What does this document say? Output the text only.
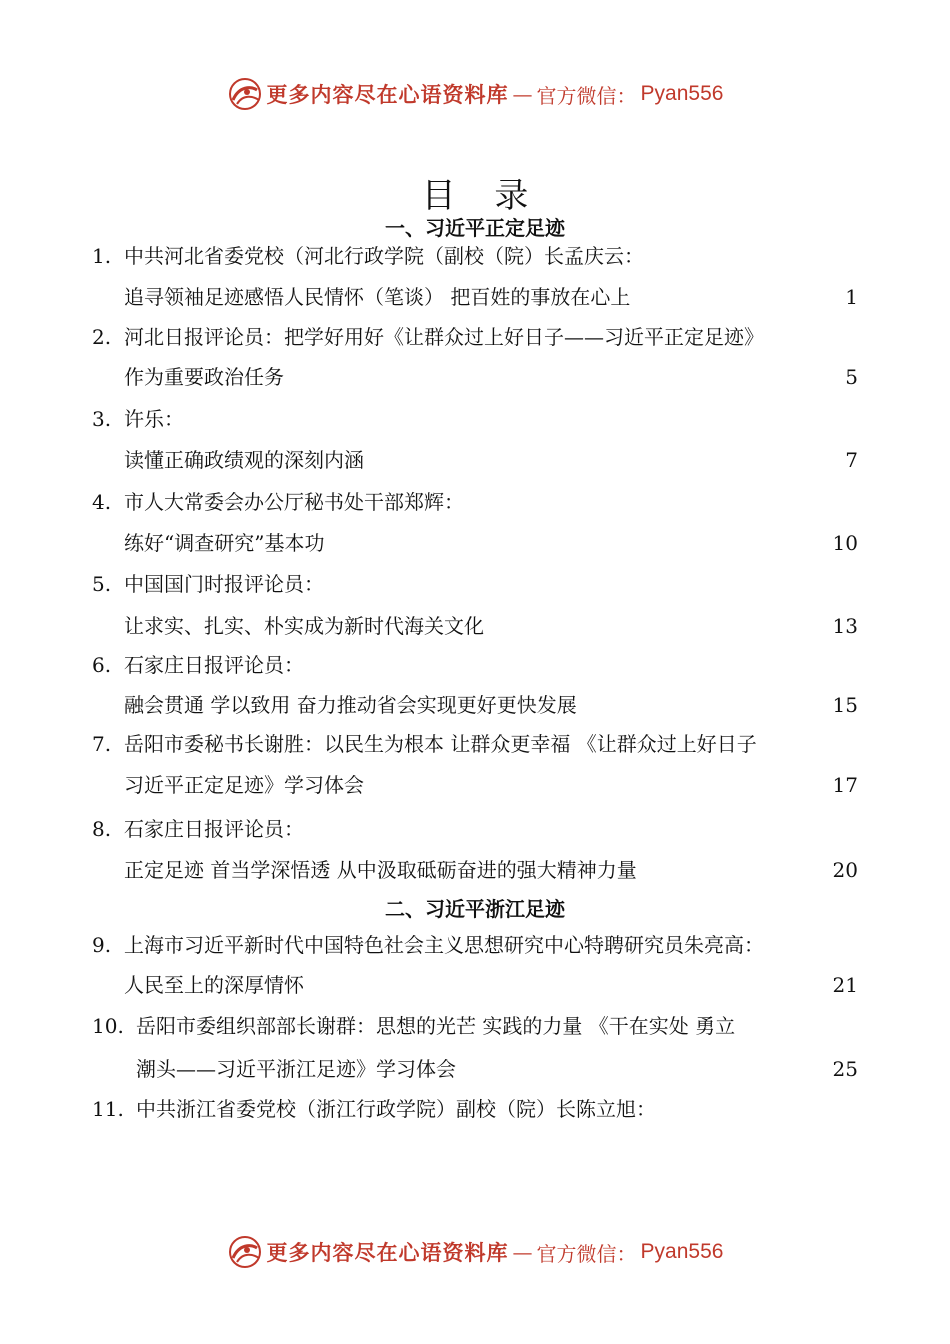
更多内容尽在心语资料库 — 官方微信： Pyan556
目 录
一、习近平正定足迹
1. 中共河北省委党校（河北行政学院（副校（院）长孟庆云：
追寻领袖足迹感悟人民情怀（笔谈） 把百姓的事放在心上	1
2. 河北日报评论员：把学好用好《让群众过上好日子——习近平正定足迹》
作为重要政治任务	5
3. 许乐：
读懂正确政绩观的深刻内涵	7
4. 市人大常委会办公厅秘书处干部郑辉：
练好“调查研究”基本功	10
5. 中国国门时报评论员：
让求实、扎实、朴实成为新时代海关文化	13
6. 石家庄日报评论员：
融会贯通 学以致用 奋力推动省会实现更好更快发展	15
7. 岳阳市委秘书长谢胜：以民生为根本 让群众更幸福 《让群众过上好日子
习近平正定足迹》学习体会	17
8. 石家庄日报评论员：
正定足迹 首当学深悟透 从中汲取砥砺奋进的强大精神力量	20
二、习近平浙江足迹
9. 上海市习近平新时代中国特色社会主义思想研究中心特聘研究员朱亮高：
人民至上的深厚情怀	21
10. 岳阳市委组织部部长谢群：思想的光芒 实践的力量 《干在实处 勇立
潮头——习近平浙江足迹》学习体会	25
11. 中共浙江省委党校（浙江行政学院）副校（院）长陈立旭：
更多内容尽在心语资料库 — 官方微信： Pyan556
